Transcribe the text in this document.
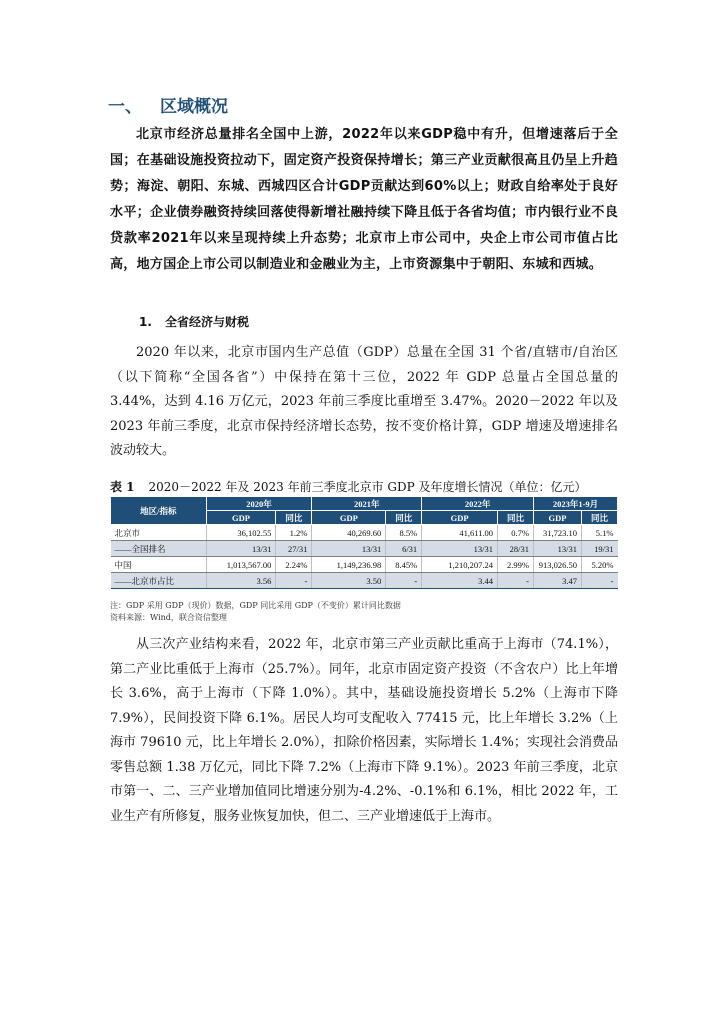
一、 区域概况
北京市经济总量排名全国中上游，2022年以来GDP稳中有升，但增速落后于全国；在基础设施投资拉动下，固定资产投资保持增长；第三产业贡献很高且仍呈上升趋势；海淀、朝阳、东城、西城四区合计GDP贡献达到60%以上；财政自给率处于良好水平；企业债券融资持续回落使得新增社融持续下降且低于各省均值；市内银行业不良贷款率2021年以来呈现持续上升态势；北京市上市公司中，央企上市公司市值占比高，地方国企上市公司以制造业和金融业为主，上市资源集中于朝阳、东城和西城。
1. 全省经济与财税
2020 年以来，北京市国内生产总值（GDP）总量在全国 31 个省/直辖市/自治区（以下简称“全国各省”）中保持在第十三位，2022 年 GDP 总量占全国总量的 3.44%，达到 4.16 万亿元，2023 年前三季度比重增至 3.47%。2020－2022 年以及 2023 年前三季度，北京市保持经济增长态势，按不变价格计算，GDP 增速及增速排名波动较大。
表 1 2020－2022 年及 2023 年前三季度北京市 GDP 及年度增长情况（单位：亿元）
地区/指标	2020年		2021年		2022年		2023年1-9月	
	GDP	同比	GDP	同比	GDP	同比	GDP	同比
北京市	36,102.55	1.2%	40,269.60	8.5%	41,611.00	0.7%	31,723.10	5.1%
——全国排名	13/31	27/31	13/31	6/31	13/31	28/31	13/31	19/31
中国	1,013,567.00	2.24%	1,149,236.98	8.45%	1,210,207.24	2.99%	913,026.50	5.20%
——北京市占比	3.56	-	3.50	-	3.44	-	3.47	-
注：GDP 采用 GDP（现价）数据，GDP 同比采用 GDP（不变价）累计同比数据
资料来源：Wind，联合资信整理
从三次产业结构来看，2022 年，北京市第三产业贡献比重高于上海市（74.1%），第二产业比重低于上海市（25.7%）。同年，北京市固定资产投资（不含农户）比上年增长 3.6%，高于上海市（下降 1.0%）。其中，基础设施投资增长 5.2%（上海市下降 7.9%），民间投资下降 6.1%。居民人均可支配收入 77415 元，比上年增长 3.2%（上海市 79610 元，比上年增长 2.0%），扣除价格因素，实际增长 1.4%；实现社会消费品零售总额 1.38 万亿元，同比下降 7.2%（上海市下降 9.1%）。2023 年前三季度，北京市第一、二、三产业增加值同比增速分别为-4.2%、-0.1%和 6.1%，相比 2022 年，工业生产有所修复，服务业恢复加快，但二、三产业增速低于上海市。
